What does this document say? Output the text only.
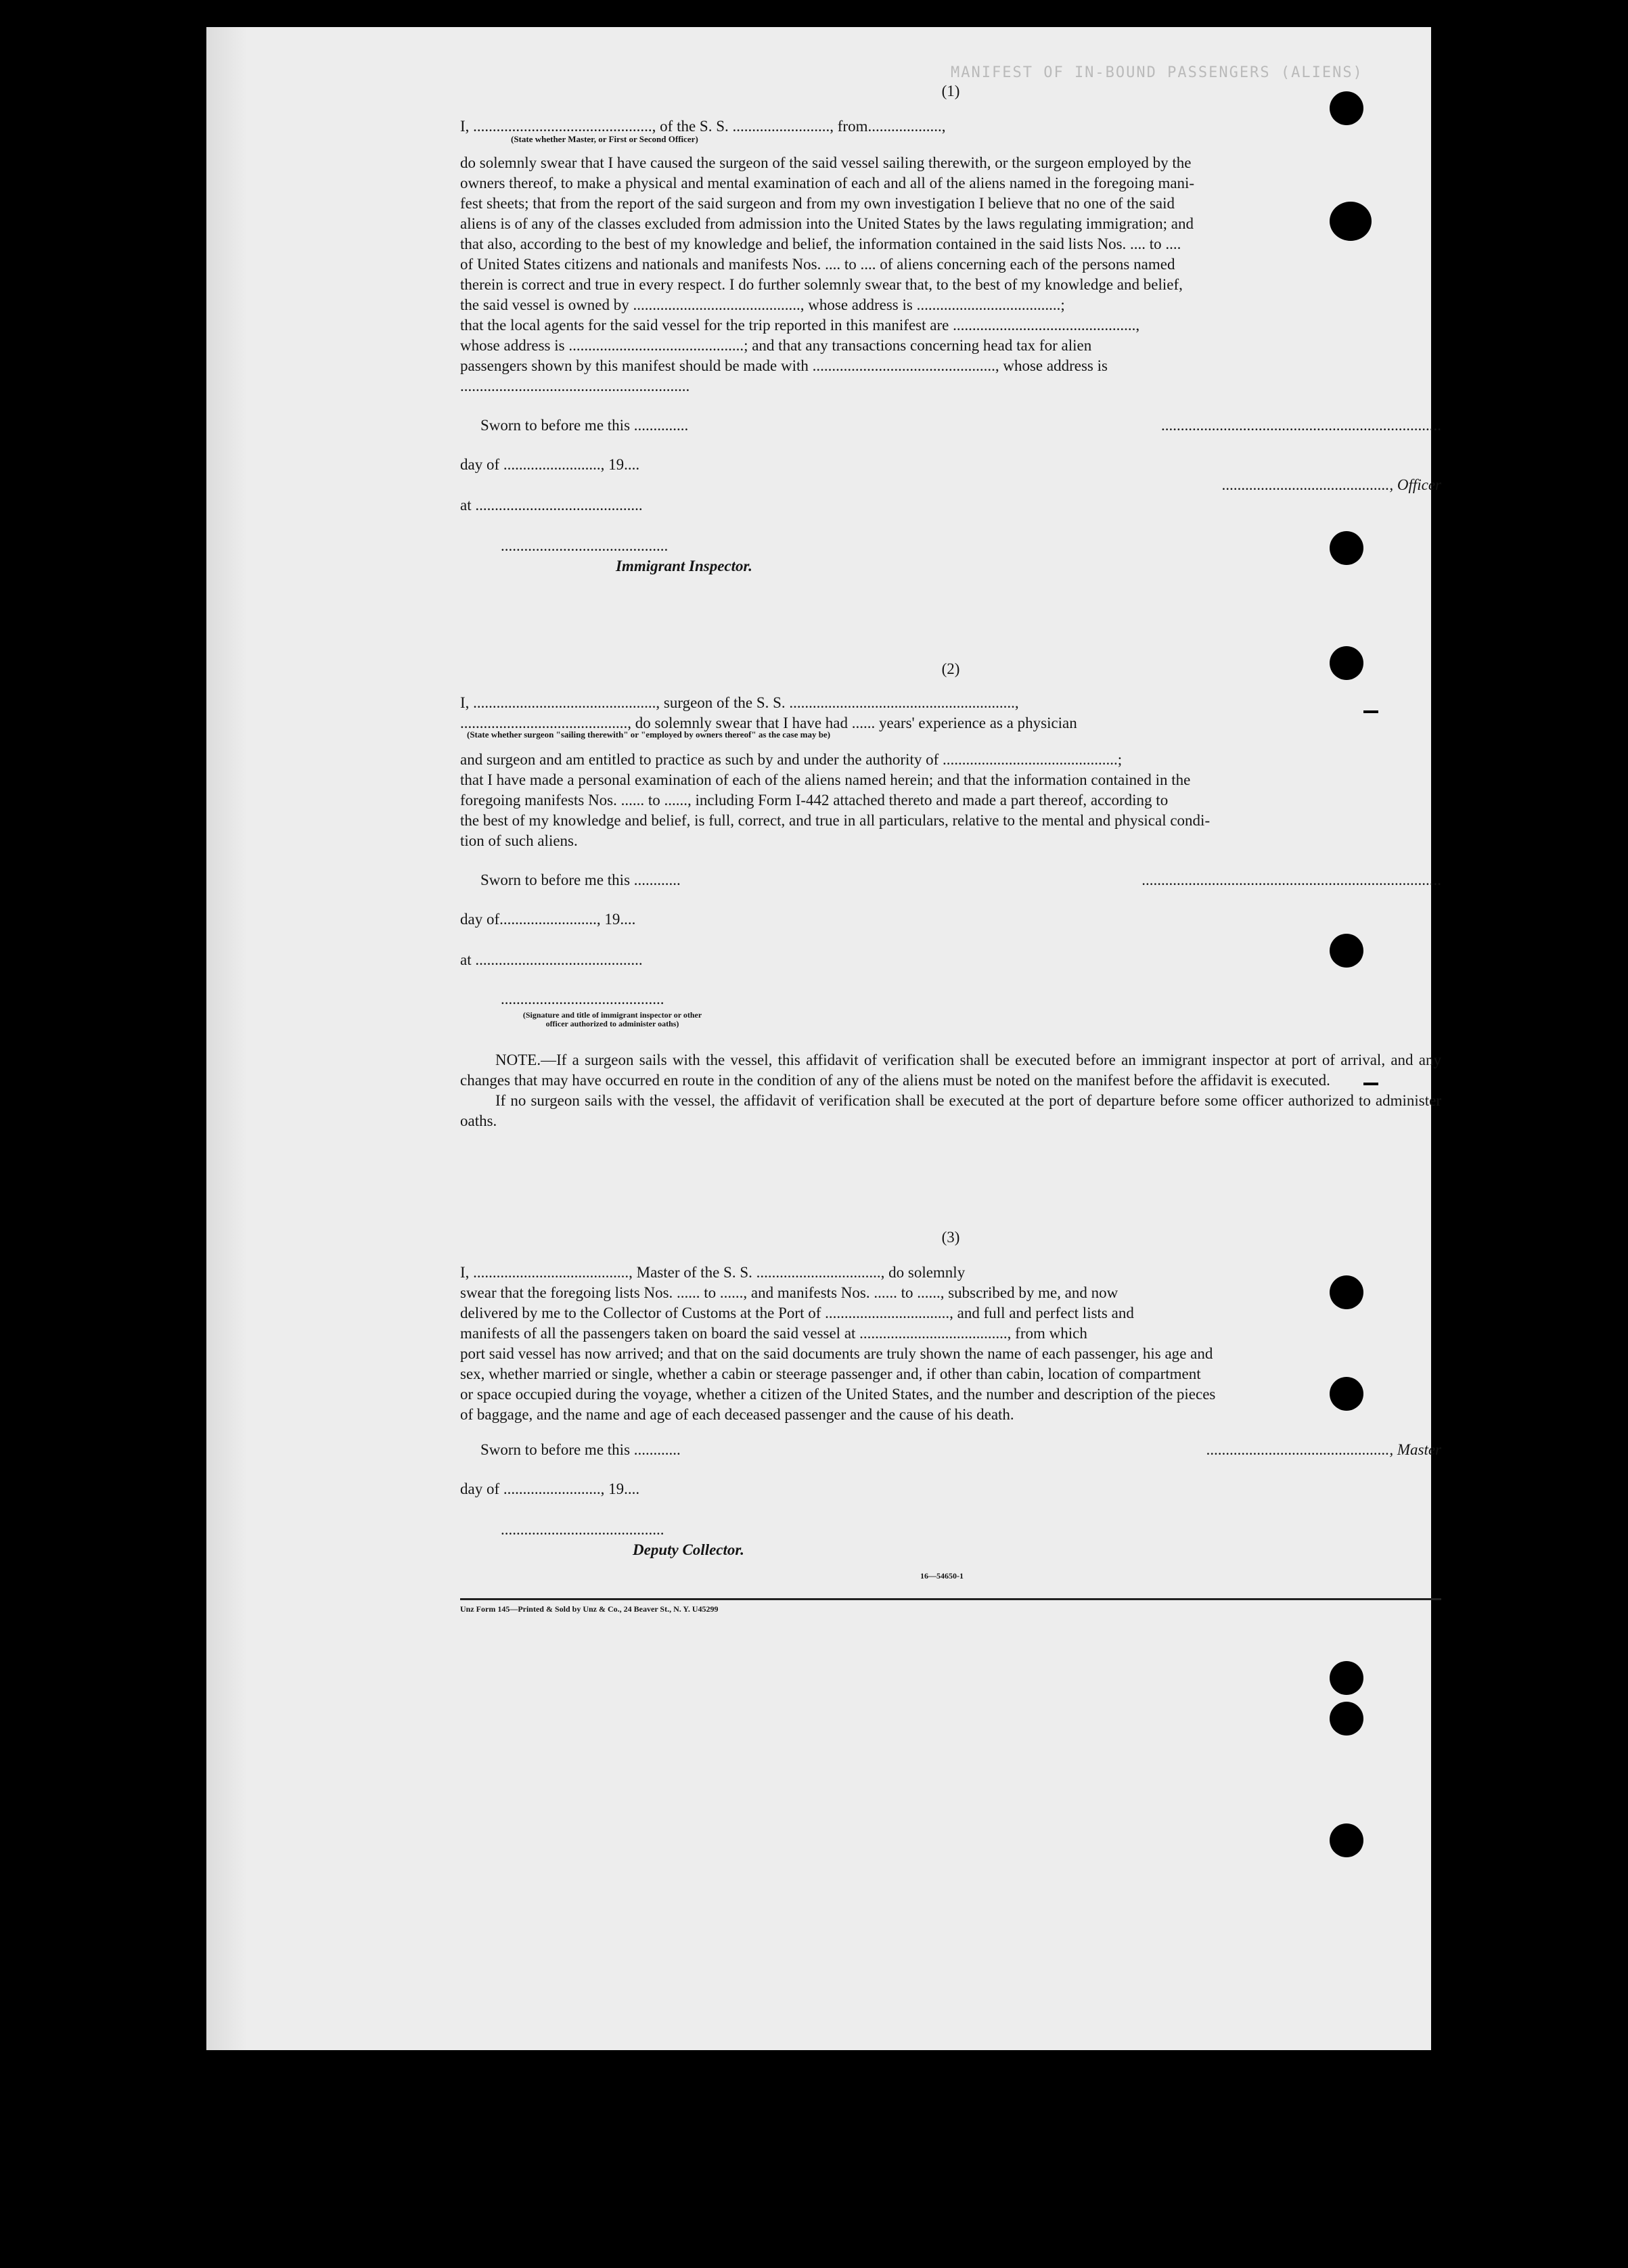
MANIFEST OF IN-BOUND PASSENGERS (ALIENS)

(1)

I, .............................................., of the S. S. ........................., from...................,
(State whether Master, or First or Second Officer)
do solemnly swear that I have caused the surgeon of the said vessel sailing therewith, or the surgeon employed by the
owners thereof, to make a physical and mental examination of each and all of the aliens named in the foregoing mani-
fest sheets; that from the report of the said surgeon and from my own investigation I believe that no one of the said
aliens is of any of the classes excluded from admission into the United States by the laws regulating immigration; and
that also, according to the best of my knowledge and belief, the information contained in the said lists Nos. .... to ....
of United States citizens and nationals and manifests Nos. .... to .... of aliens concerning each of the persons named
therein is correct and true in every respect. I do further solemnly swear that, to the best of my knowledge and belief,
the said vessel is owned by ..........................................., whose address is .....................................;
that the local agents for the said vessel for the trip reported in this manifest are ...............................................,
whose address is .............................................; and that any transactions concerning head tax for alien
passengers shown by this manifest should be made with ..............................................., whose address is
...........................................................
Sworn to before me this ..............	........................................................................
day of ........................., 19....
..........................................., Officer
at ...........................................
...........................................
Immigrant Inspector.

(2)

I, ..............................................., surgeon of the S. S. ..........................................................,
..........................................., do solemnly swear that I have had ...... years' experience as a physician
(State whether surgeon "sailing therewith" or "employed by owners thereof" as the case may be)
and surgeon and am entitled to practice as such by and under the authority of .............................................;
that I have made a personal examination of each of the aliens named herein; and that the information contained in the
foregoing manifests Nos. ...... to ......, including Form I-442 attached thereto and made a part thereof, according to
the best of my knowledge and belief, is full, correct, and true in all particulars, relative to the mental and physical condi-
tion of such aliens.
Sworn to before me this ............	.............................................................................
day of........................., 19....
at ...........................................
..........................................
(Signature and title of immigrant inspector or other officer authorized to administer oaths)

NOTE.—If a surgeon sails with the vessel, this affidavit of verification shall be executed before an immigrant inspector at port of arrival, and any changes that may have occurred en route in the condition of any of the aliens must be noted on the manifest before the affidavit is executed.

If no surgeon sails with the vessel, the affidavit of verification shall be executed at the port of departure before some officer authorized to administer oaths.

(3)

I, ........................................, Master of the S. S. ................................, do solemnly
swear that the foregoing lists Nos. ...... to ......, and manifests Nos. ...... to ......, subscribed by me, and now
delivered by me to the Collector of Customs at the Port of ................................, and full and perfect lists and
manifests of all the passengers taken on board the said vessel at ......................................, from which
port said vessel has now arrived; and that on the said documents are truly shown the name of each passenger, his age and
sex, whether married or single, whether a cabin or steerage passenger and, if other than cabin, location of compartment
or space occupied during the voyage, whether a citizen of the United States, and the number and description of the pieces
of baggage, and the name and age of each deceased passenger and the cause of his death.
Sworn to before me this ............	..............................................., Master
day of ........................., 19....
..........................................
Deputy Collector.
16—54650-1
Unz Form 145—Printed & Sold by Unz & Co., 24 Beaver St., N. Y. U45299
